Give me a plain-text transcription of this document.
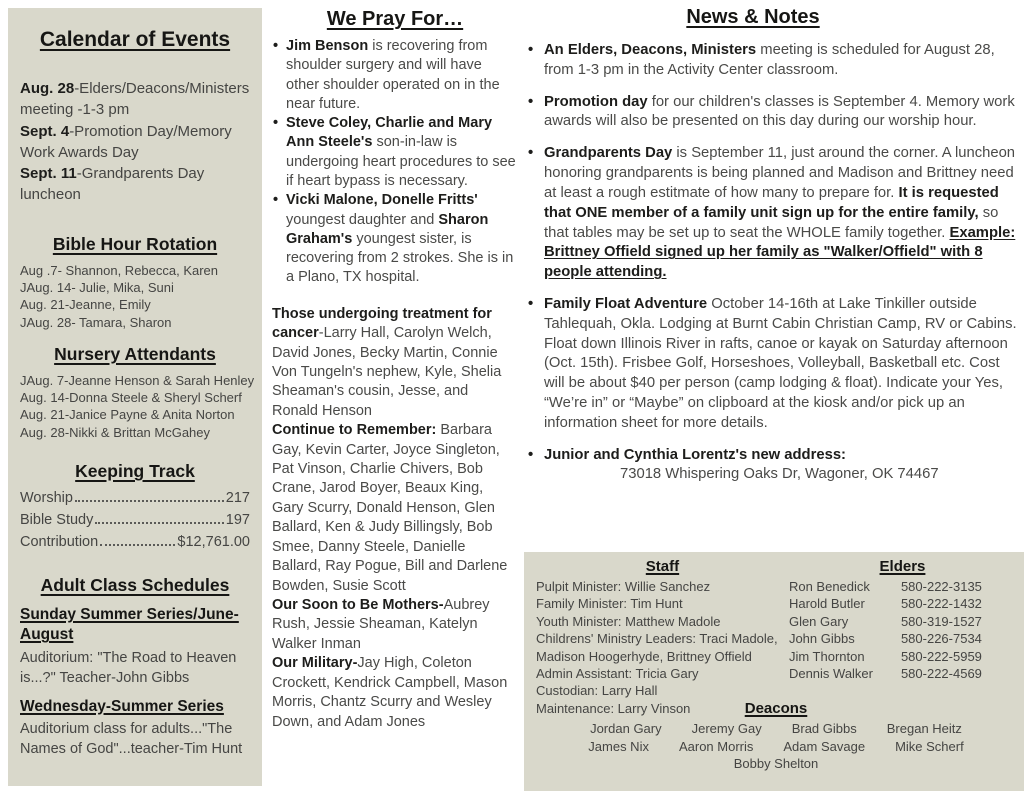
Calendar of Events
Aug. 28-Elders/Deacons/Ministers meeting -1-3 pm
Sept. 4-Promotion Day/Memory Work Awards Day
Sept. 11-Grandparents Day luncheon
Bible Hour Rotation
Aug .7- Shannon, Rebecca, Karen
JAug. 14- Julie, Mika, Suni
Aug. 21-Jeanne, Emily
JAug. 28- Tamara, Sharon
Nursery Attendants
JAug. 7-Jeanne Henson & Sarah Henley
Aug. 14-Donna Steele & Sheryl Scherf
Aug. 21-Janice Payne & Anita Norton
Aug. 28-Nikki & Brittan McGahey
Keeping Track
Worship	217
Bible Study	197
Contribution	$12,761.00
Adult Class Schedules
Sunday Summer Series/June-August
Auditorium: "The Road to Heaven is...?" Teacher-John Gibbs
Wednesday-Summer Series
Auditorium class for adults..."The Names of God"...teacher-Tim Hunt
We Pray For…
• Jim Benson is recovering from shoulder surgery and will have other shoulder operated on in the near future.
• Steve Coley, Charlie and Mary Ann Steele's son-in-law is undergoing heart procedures to see if heart bypass is necessary.
• Vicki Malone, Donelle Fritts' youngest daughter and Sharon Graham's youngest sister, is recovering from 2 strokes. She is in a Plano, TX hospital.

Those undergoing treatment for cancer-Larry Hall, Carolyn Welch, David Jones, Becky Martin, Connie Von Tungeln's nephew, Kyle, Shelia Sheaman's cousin, Jesse, and Ronald Henson

Continue to Remember: Barbara Gay, Kevin Carter, Joyce Singleton, Pat Vinson, Charlie Chivers, Bob Crane, Jarod Boyer, Beaux King, Gary Scurry, Donald Henson, Glen Ballard, Ken & Judy Billingsly, Bob Smee, Danny Steele, Danielle Ballard, Ray Pogue, Bill and Darlene Bowden, Susie Scott

Our Soon to Be Mothers-Aubrey Rush, Jessie Sheaman, Katelyn Walker Inman

Our Military-Jay High, Coleton Crockett, Kendrick Campbell, Mason Morris, Chantz Scurry and Wesley Down, and Adam Jones

News & Notes
• An Elders, Deacons, Ministers meeting is scheduled for August 28, from 1-3 pm in the Activity Center classroom.
• Promotion day for our children's classes is September 4. Memory work awards will also be presented on this day during our worship hour.
• Grandparents Day is September 11, just around the corner. A luncheon honoring grandparents is being planned and Madison and Brittney need at least a rough estitmate of how many to prepare for. It is requested that ONE member of a family unit sign up for the entire family, so that tables may be set up to seat the WHOLE family together. Example: Brittney Offield signed up her family as "Walker/Offield" with 8 people attending.
• Family Float Adventure October 14-16th at Lake Tinkiller outside Tahlequah, Okla. Lodging at Burnt Cabin Christian Camp, RV or Cabins. Float down Illinois River in rafts, canoe or kayak on Saturday afternoon (Oct. 15th). Frisbee Golf, Horseshoes, Volleyball, Basketball etc. Cost will be about $40 per person (camp lodging & float). Indicate your Yes, “We’re in” or “Maybe” on clipboard at the kiosk and/or pick up an information sheet for more details.
• Junior and Cynthia Lorentz's new address:
73018 Whispering Oaks Dr, Wagoner, OK 74467
Staff
Pulpit Minister: Willie Sanchez
Family Minister: Tim Hunt
Youth Minister: Matthew Madole
Childrens' Ministry Leaders: Traci Madole,
Madison Hoogerhyde, Brittney Offield
Admin Assistant: Tricia Gary
Custodian: Larry Hall
Maintenance: Larry Vinson
Elders
Ron Benedick	580-222-3135
Harold Butler	580-222-1432
Glen Gary	580-319-1527
John Gibbs	580-226-7534
Jim Thornton	580-222-5959
Dennis Walker	580-222-4569
Deacons
Jordan Gary Jeremy Gay Brad Gibbs Bregan Heitz
James Nix Aaron Morris Adam Savage Mike Scherf
Bobby Shelton
